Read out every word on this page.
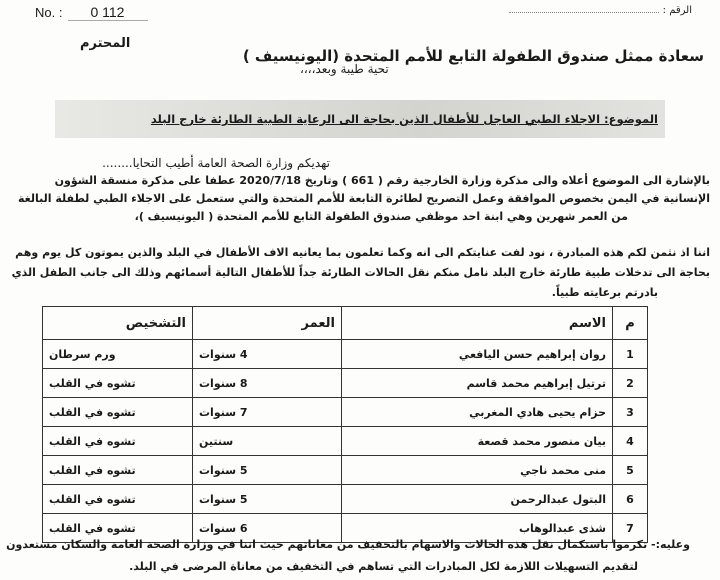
No. : 0 112	الرقم :
المحترم
سعادة ممثل صندوق الطفولة التابع للأمم المتحدة (اليونيسيف )
تحية طيبة وبعد،،،،
الموضوع: الاجلاء الطبي العاجل للأطفال الذين بحاجة الى الرعاية الطبية الطارئة خارج البلد
تهديكم وزارة الصحة العامة أطيب التحايا........
بالإشارة الى الموضوع أعلاه والى مذكرة وزارة الخارجية رقم ( 661 ) وتاريخ 2020/7/18 عطفا على مذكرة منسقة الشؤون
الإنسانية في اليمن بخصوص الموافقة وعمل التصريح لطائرة التابعة للأمم المتحدة والتي ستعمل على الاجلاء الطبي لطفلة البالغة
من العمر شهرين وهي ابنة احد موظفي صندوق الطفولة التابع للأمم المتحدة ( اليونيسيف )،
اننا اذ نثمن لكم هذه المبادرة ، نود لفت عنايتكم الى انه وكما تعلمون بما يعانيه الاف الأطفال في البلد والذين يموتون كل يوم وهم
بحاجة الى تدخلات طبية طارئة خارج البلد نامل منكم نقل الحالات الطارئة جداً للأطفال التالية أسمائهم وذلك الى جانب الطفل الذي
بادرتم برعايته طبياً.
م	الاسم	العمر	التشخيص
1	روان إبراهيم حسن اليافعي	4 سنوات	ورم سرطان
2	ترتيل إبراهيم محمد قاسم	8 سنوات	تشوه في القلب
3	حزام يحيى هادي المغربي	7 سنوات	تشوه في القلب
4	بيان منصور محمد قصعة	سنتين	تشوه في القلب
5	منى محمد ناجي	5 سنوات	تشوه في القلب
6	البتول عبدالرحمن	5 سنوات	تشوه في القلب
7	شذى عبدالوهاب	6 سنوات	تشوه في القلب
وعليه:- تكرموا باستكمال نقل هذه الحالات والاسهام بالتخفيف من معاناتهم حيث اننا في وزارة الصحة العامة والسكان مستعدون
لتقديم التسهيلات اللازمة لكل المبادرات التي تساهم في التخفيف من معاناة المرضى في البلد.
